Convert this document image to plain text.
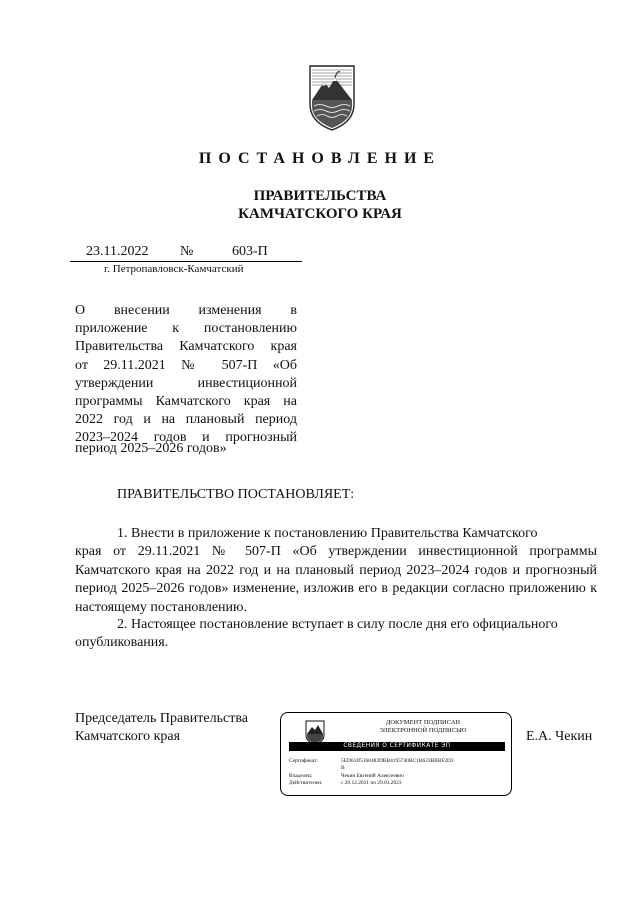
ПОСТАНОВЛЕНИЕ
ПРАВИТЕЛЬСТВА
КАМЧАТСКОГО КРАЯ
23.11.2022 №	603-П
г. Петропавловск-Камчатский
О внесении изменения в
приложение к постановлению
Правительства Камчатского края
от 29.11.2021 № 507-П «Об
утверждении инвестиционной
программы Камчатского края на
2022 год и на плановый период
2023–2024 годов и прогнозный
период 2025–2026 годов»
ПРАВИТЕЛЬСТВО ПОСТАНОВЛЯЕТ:
1. Внести в приложение к постановлению Правительства Камчатского
края от 29.11.2021 № 507-П «Об утверждении инвестиционной программы Камчатского края на 2022 год и на плановый период 2023–2024 годов и прогнозный период 2025–2026 годов» изменение, изложив его в редакции согласно приложению к настоящему постановлению.
2. Настоящее постановление вступает в силу после дня его официального
опубликования.
Председатель Правительства
Камчатского края	Е.А. Чекин
ДОКУМЕНТ ПОДПИСАН
ЭЛЕКТРОННОЙ ПОДПИСЬЮ
СВЕДЕНИЯ О СЕРТИФИКАТЕ ЭП
Сертификат:	5ED61D5160482DBB4195740BC1B633BBBF2D3
B
Владелец:	Чекин Евгений Алексеевич
Действителен:	с 29.12.2021 по 29.03.2023
